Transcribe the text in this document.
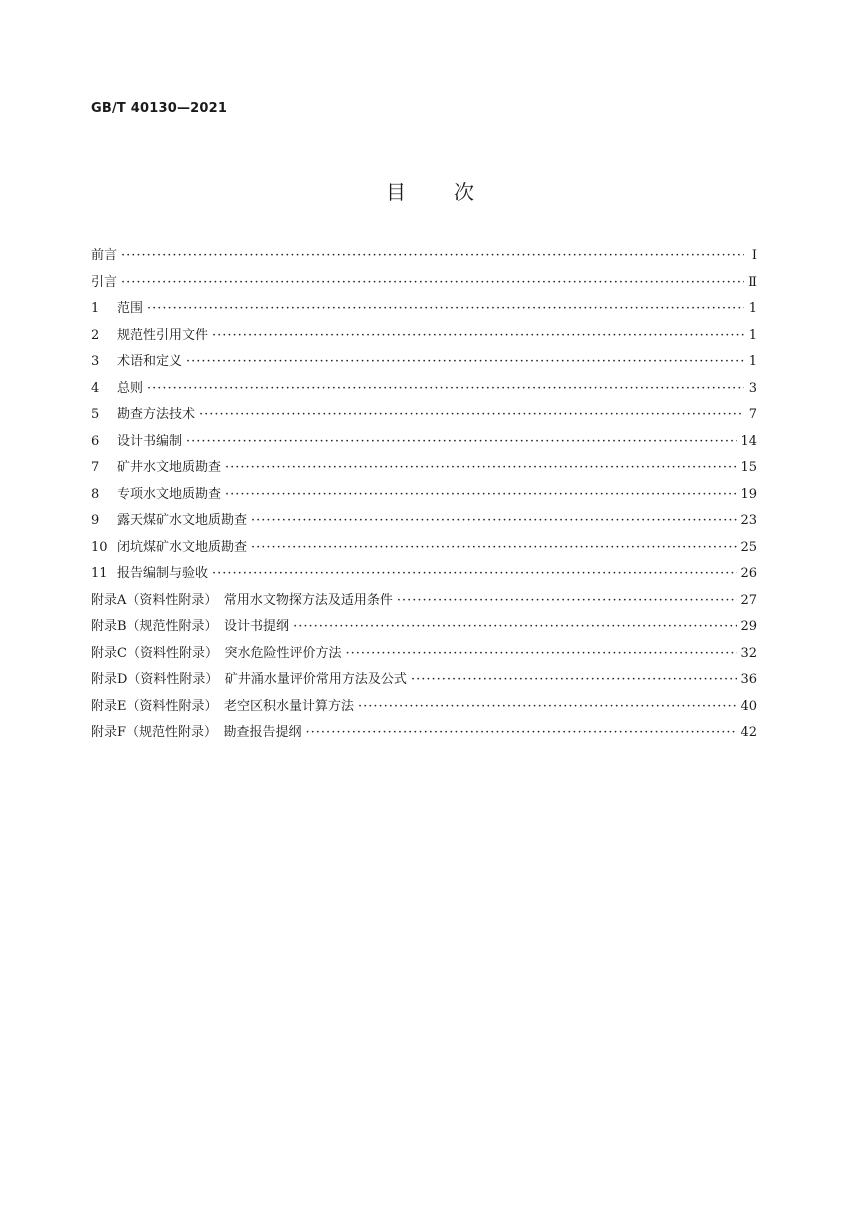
GB/T 40130—2021
目次
前言 ·····	Ⅰ
引言 ·····	Ⅱ
1	范围 ·····	1
2	规范性引用文件 ·····	1
3	术语和定义 ·····	1
4	总则 ·····	3
5	勘查方法技术 ·····	7
6	设计书编制 ·····	14
7	矿井水文地质勘查 ·····	15
8	专项水文地质勘查 ·····	19
9	露天煤矿水文地质勘查 ·····	23
10 闭坑煤矿水文地质勘查 ·····	25
11 报告编制与验收 ·····	26
附录A（资料性附录）　常用水文物探方法及适用条件 ·····	27
附录B（规范性附录）　设计书提纲 ·····	29
附录C（资料性附录）　突水危险性评价方法 ·····	32
附录D（资料性附录）　矿井涌水量评价常用方法及公式 ·····	36
附录E（资料性附录）　老空区积水量计算方法 ·····	40
附录F（规范性附录）　勘查报告提纲 ·····	42
